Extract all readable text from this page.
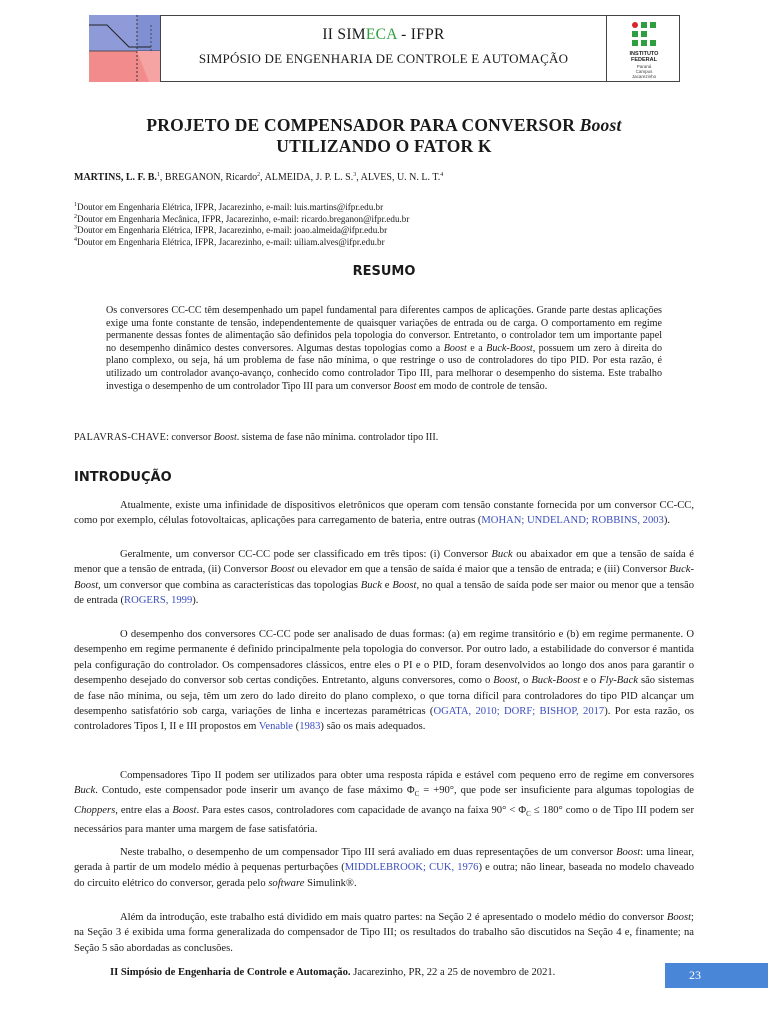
II SIMECA - IFPR
SIMPÓSIO DE ENGENHARIA DE CONTROLE E AUTOMAÇÃO	INSTITUTO
FEDERAL
Paraná
Campus
Jacarezinho
PROJETO DE COMPENSADOR PARA CONVERSOR Boost
UTILIZANDO O FATOR K
MARTINS, L. F. B.$^1$, BREGANON, Ricardo$^2$, ALMEIDA, J. P. L. S.$^3$, ALVES, U. N. L. T.$^4$
$^1$Doutor em Engenharia Elétrica, IFPR, Jacarezinho, e-mail: luis.martins@ifpr.edu.br
$^2$Doutor em Engenharia Mecânica, IFPR, Jacarezinho, e-mail: ricardo.breganon@ifpr.edu.br
$^3$Doutor em Engenharia Elétrica, IFPR, Jacarezinho, e-mail: joao.almeida@ifpr.edu.br
$^4$Doutor em Engenharia Elétrica, IFPR, Jacarezinho, e-mail: uiliam.alves@ifpr.edu.br
RESUMO
Os conversores CC-CC têm desempenhado um papel fundamental para diferentes campos de aplicações. Grande parte destas aplicações exige uma fonte constante de tensão, independentemente de quaisquer variações de entrada ou de carga. O comportamento em regime permanente dessas fontes de alimentação são definidos pela topologia do conversor. Entretanto, o controlador tem um importante papel no desempenho dinâmico destes conversores. Algumas destas topologias como a Boost e a Buck-Boost, possuem um zero à direita do plano complexo, ou seja, há um problema de fase não mínima, o que restringe o uso de controladores do tipo PID. Por esta razão, é utilizado um controlador avanço-avanço, conhecido como controlador Tipo III, para melhorar o desempenho do sistema. Este trabalho investiga o desempenho de um controlador Tipo III para um conversor Boost em modo de controle de tensão.
PALAVRAS-CHAVE: conversor Boost. sistema de fase não mínima. controlador tipo III.
INTRODUÇÃO
Atualmente, existe uma infinidade de dispositivos eletrônicos que operam com tensão constante fornecida por um conversor CC-CC, como por exemplo, células fotovoltaicas, aplicações para carregamento de bateria, entre outras (MOHAN; UNDELAND; ROBBINS, 2003).
Geralmente, um conversor CC-CC pode ser classificado em três tipos: (i) Conversor Buck ou abaixador em que a tensão de saída é menor que a tensão de entrada, (ii) Conversor Boost ou elevador em que a tensão de saída é maior que a tensão de entrada; e (iii) Conversor Buck-Boost, um conversor que combina as características das topologias Buck e Boost, no qual a tensão de saída pode ser maior ou menor que a tensão de entrada (ROGERS, 1999).
O desempenho dos conversores CC-CC pode ser analisado de duas formas: (a) em regime transitório e (b) em regime permanente. O desempenho em regime permanente é definido principalmente pela topologia do conversor. Por outro lado, a estabilidade do conversor é mantida pela configuração do controlador. Os compensadores clássicos, entre eles o PI e o PID, foram desenvolvidos ao longo dos anos para garantir o desempenho desejado do conversor sob certas condições. Entretanto, alguns conversores, como o Boost, o Buck-Boost e o Fly-Back são sistemas de fase não mínima, ou seja, têm um zero do lado direito do plano complexo, o que torna difícil para controladores do tipo PID alcançar um desempenho satisfatório sob carga, variações de linha e incertezas paramétricas (OGATA, 2010; DORF; BISHOP, 2017). Por esta razão, os controladores Tipos I, II e III propostos em Venable (1983) são os mais adequados.
Compensadores Tipo II podem ser utilizados para obter uma resposta rápida e estável com pequeno erro de regime em conversores Buck. Contudo, este compensador pode inserir um avanço de fase máximo $\Phi_C = +90^\circ$, que pode ser insuficiente para algumas topologias de Choppers, entre elas a Boost. Para estes casos, controladores com capacidade de avanço na faixa $90^\circ < \Phi_C \le 180^\circ$ como o de Tipo III podem ser necessários para manter uma margem de fase satisfatória.
Neste trabalho, o desempenho de um compensador Tipo III será avaliado em duas representações de um conversor Boost: uma linear, gerada à partir de um modelo médio à pequenas perturbações (MIDDLEBROOK; CUK, 1976) e outra; não linear, baseada no modelo chaveado do circuito elétrico do conversor, gerada pelo software Simulink®.
Além da introdução, este trabalho está dividido em mais quatro partes: na Seção 2 é apresentado o modelo médio do conversor Boost; na Seção 3 é exibida uma forma generalizada do compensador de Tipo III; os resultados do trabalho são discutidos na Seção 4 e, finamente; na Seção 5 são abordadas as conclusões.
II Simpósio de Engenharia de Controle e Automação. Jacarezinho, PR, 22 a 25 de novembro de 2021.	23
